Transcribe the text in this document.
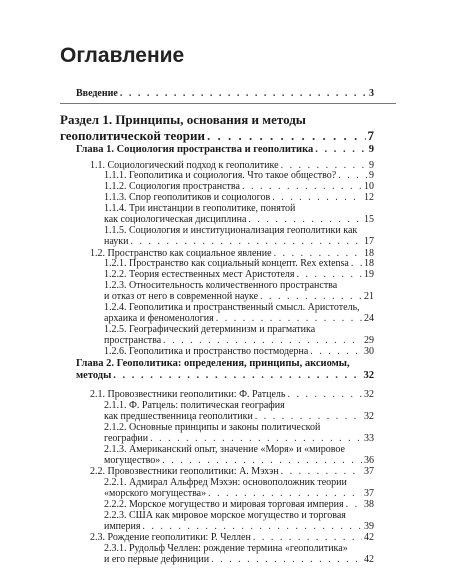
Оглавление
Введение . . .	3
Раздел 1. Принципы, основания и методы
геополитической теории . . .	7
Глава 1. Социология пространства и геополитика . . .	9
1.1. Социологический подход к геополитике . . .	9
1.1.1. Геополитика и социология. Что такое общество? . . .	9
1.1.2. Социология пространства . . .	10
1.1.3. Спор геополитиков и социологов . . .	12
1.1.4. Три инстанции в геополитике, понятой
как социологическая дисциплина . . .	15
1.1.5. Социология и институционализация геополитики как
науки . . .	17
1.2. Пространство как социальное явление . . .	18
1.2.1. Пространство как социальный концепт. Rex extensa . . . 18
1.2.2. Теория естественных мест Аристотеля . . .	19
1.2.3. Относительность количественного пространства
и отказ от него в современной науке . . .	21
1.2.4. Геополитика и пространственный смысл. Аристотель,
архаика и феноменология . . .	24
1.2.5. Географический детерминизм и прагматика
пространства . . .	29
1.2.6. Геополитика и пространство постмодерна . . .	30
Глава 2. Геополитика: определения, принципы, аксиомы,
методы . . .	32
2.1. Провозвестники геополитики: Ф. Ратцель . . .	32
2.1.1. Ф. Ратцель: политическая география
как предшественница геополитики . . .	32
2.1.2. Основные принципы и законы политической
географии . . .	33
2.1.3. Американский опыт, значение «Моря» и «мировое
могущество» . . .	36
2.2. Провозвестники геополитики: А. Мэхэн . . .	37
2.2.1. Адмирал Альфред Мэхэн: основоположник теории
«морского могущества» . . .	37
2.2.2. Морское могущество и мировая торговая империя . . . 38
2.2.3. США как мировое морское могущество и торговая
империя . . .	39
2.3. Рождение геополитики: Р. Челлен . . .	42
2.3.1. Рудольф Челлен: рождение термина «геополитика»
и его первые дефиниции . . .	42
